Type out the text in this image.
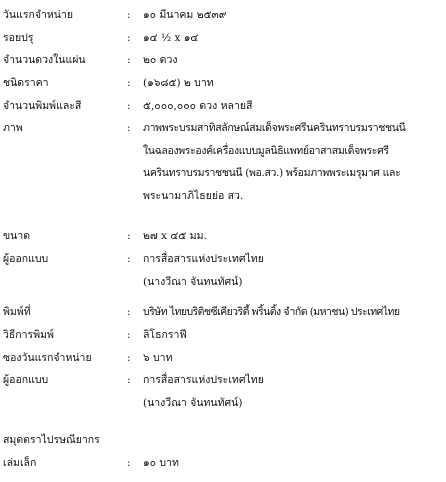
วันแรกจำหน่าย	: ๑๐ มีนาคม ๒๕๓๙
รอยปรุ	: ๑๔ ½ x ๑๔
จำนวนดวงในแผ่น	: ๒๐ ดวง
ชนิดราคา	: (๑๖๘๕) ๒ บาท
จำนวนพิมพ์และสี	: ๕,๐๐๐,๐๐๐ ดวง หลายสี
ภาพ	: ภาพพระบรมสาทิสลักษณ์สมเด็จพระศรีนครินทราบรมราชชนนี
ในฉลองพระองค์เครื่องแบบมูลนิธิแพทย์อาสาสมเด็จพระศรี
นครินทราบรมราชชนนี (พอ.สว.) พร้อมภาพพระเมรุมาศ และ
พระนามาภิไธยย่อ สว.
ขนาด	: ๒๗ x ๔๕ มม.
ผู้ออกแบบ	: การสื่อสารแห่งประเทศไทย
(นางวีณา จันทนทัศน์)
พิมพ์ที่	: บริษัท ไทยบริติชซีเคียวริตี้ พริ้นติ้ง จำกัด (มหาชน) ประเทศไทย
วิธีการพิมพ์	: ลิโธกราฟี
ซองวันแรกจำหน่าย	: ๖ บาท
ผู้ออกแบบ	: การสื่อสารแห่งประเทศไทย
(นางวีณา จันทนทัศน์)
สมุดตราไปรษณียากร
เล่มเล็ก	: ๑๐ บาท
